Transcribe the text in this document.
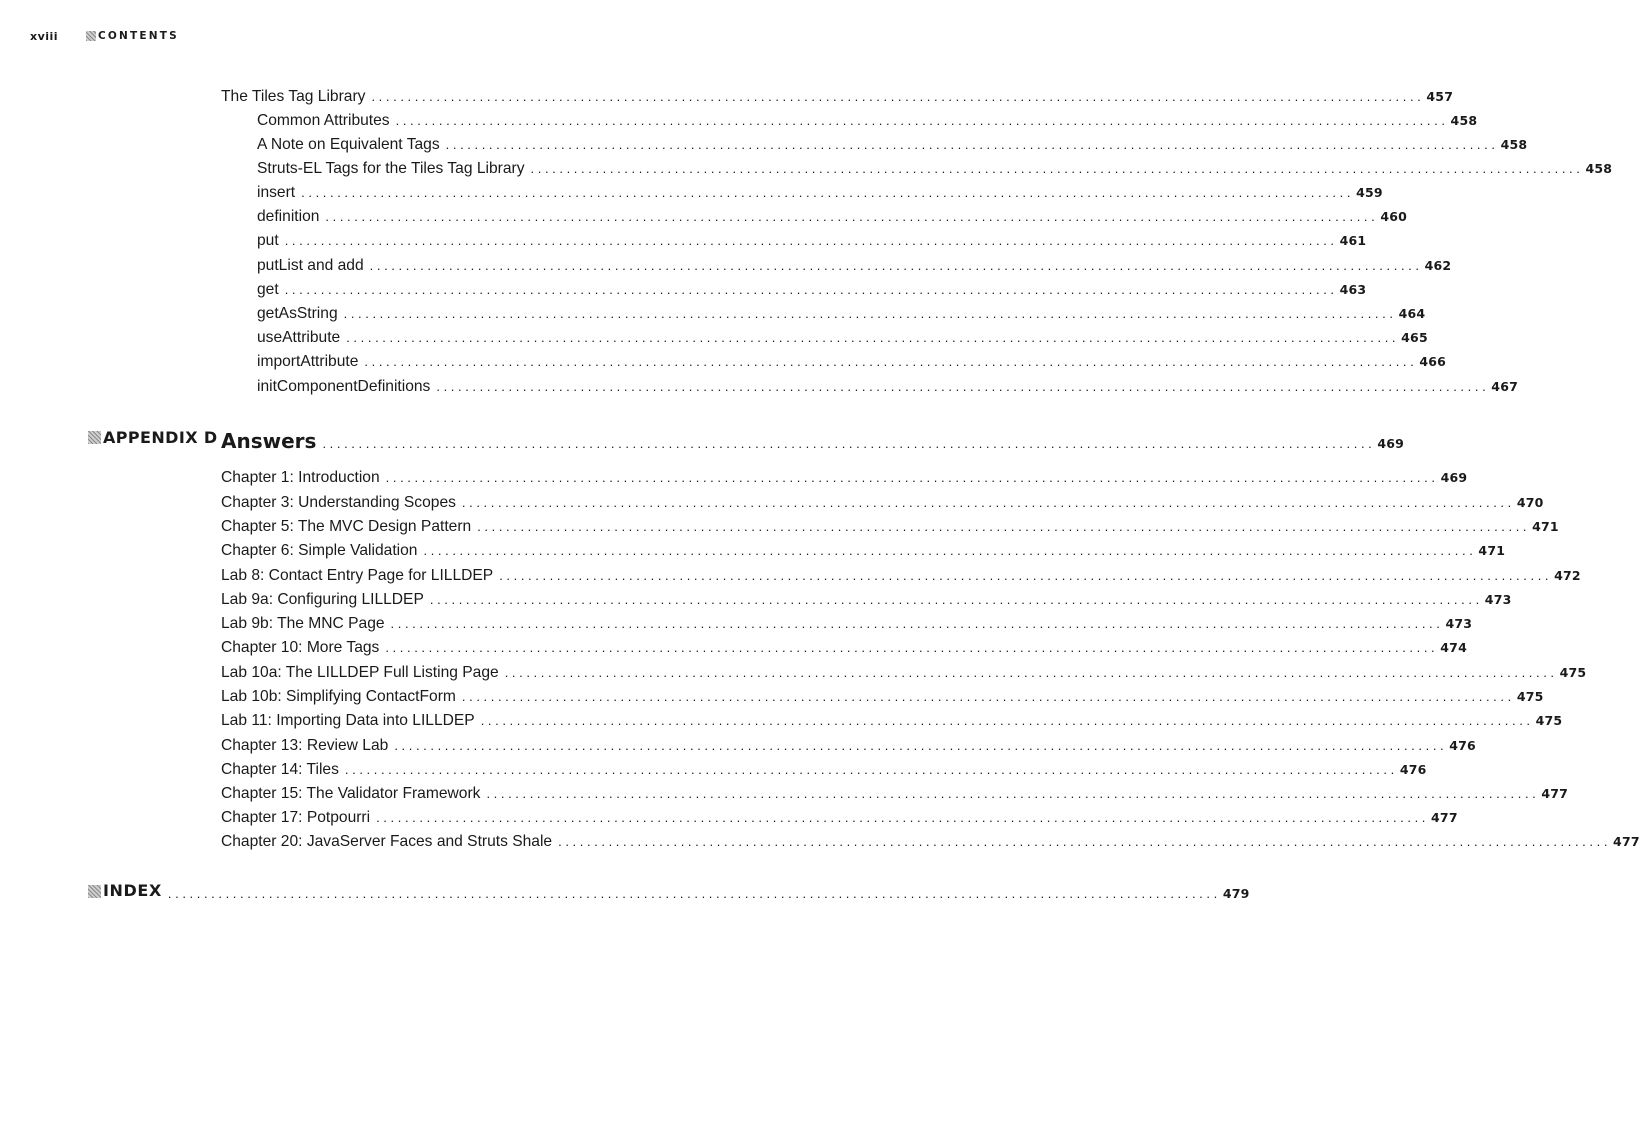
xviii	CONTENTS
The Tiles Tag Library .................................................................................................................................................. 457
Common Attributes .................................................................................................................................................. 458
A Note on Equivalent Tags .................................................................................................................................................. 458
Struts-EL Tags for the Tiles Tag Library .................................................................................................................................................. 458
insert .................................................................................................................................................. 459
definition .................................................................................................................................................. 460
put .................................................................................................................................................. 461
putList and add .................................................................................................................................................. 462
get .................................................................................................................................................. 463
getAsString .................................................................................................................................................. 464
useAttribute .................................................................................................................................................. 465
importAttribute .................................................................................................................................................. 466
initComponentDefinitions .................................................................................................................................................. 467
APPENDIX D Answers .................................................................................................................................................. 469
Chapter 1: Introduction .................................................................................................................................................. 469
Chapter 3: Understanding Scopes .................................................................................................................................................. 470
Chapter 5: The MVC Design Pattern .................................................................................................................................................. 471
Chapter 6: Simple Validation .................................................................................................................................................. 471
Lab 8: Contact Entry Page for LILLDEP .................................................................................................................................................. 472
Lab 9a: Configuring LILLDEP .................................................................................................................................................. 473
Lab 9b: The MNC Page .................................................................................................................................................. 473
Chapter 10: More Tags .................................................................................................................................................. 474
Lab 10a: The LILLDEP Full Listing Page .................................................................................................................................................. 475
Lab 10b: Simplifying ContactForm .................................................................................................................................................. 475
Lab 11: Importing Data into LILLDEP .................................................................................................................................................. 475
Chapter 13: Review Lab .................................................................................................................................................. 476
Chapter 14: Tiles .................................................................................................................................................. 476
Chapter 15: The Validator Framework .................................................................................................................................................. 477
Chapter 17: Potpourri .................................................................................................................................................. 477
Chapter 20: JavaServer Faces and Struts Shale .................................................................................................................................................. 477
INDEX .................................................................................................................................................. 479
